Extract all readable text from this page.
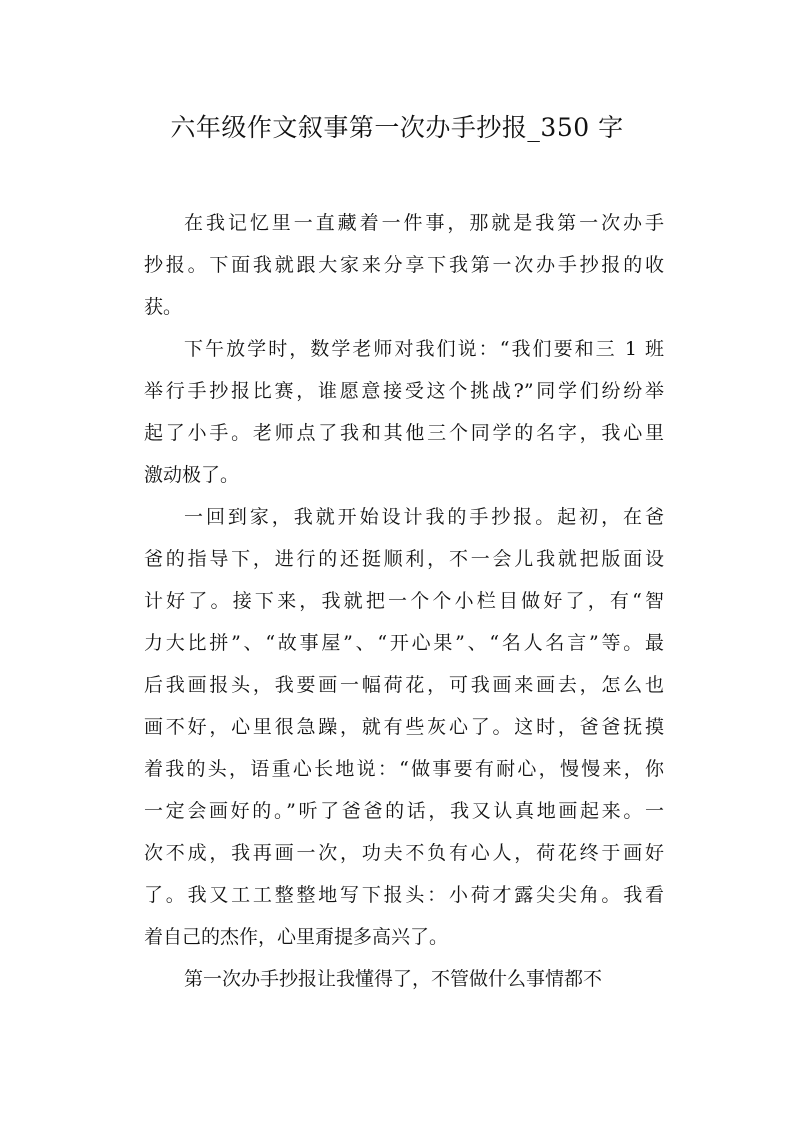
六年级作文叙事第一次办手抄报_350 字
在我记忆里一直藏着一件事，那就是我第一次办手
抄报。下面我就跟大家来分享下我第一次办手抄报的收
获。
下午放学时，数学老师对我们说：“我们要和三 1 班
举行手抄报比赛，谁愿意接受这个挑战?”同学们纷纷举
起了小手。老师点了我和其他三个同学的名字，我心里
激动极了。
一回到家，我就开始设计我的手抄报。起初，在爸
爸的指导下，进行的还挺顺利，不一会儿我就把版面设
计好了。接下来，我就把一个个小栏目做好了，有“智
力大比拼”、“故事屋”、“开心果”、“名人名言”等。最
后我画报头，我要画一幅荷花，可我画来画去，怎么也
画不好，心里很急躁，就有些灰心了。这时，爸爸抚摸
着我的头，语重心长地说：“做事要有耐心，慢慢来，你
一定会画好的。”听了爸爸的话，我又认真地画起来。一
次不成，我再画一次，功夫不负有心人，荷花终于画好
了。我又工工整整地写下报头：小荷才露尖尖角。我看
着自己的杰作，心里甭提多高兴了。
第一次办手抄报让我懂得了，不管做什么事情都不
